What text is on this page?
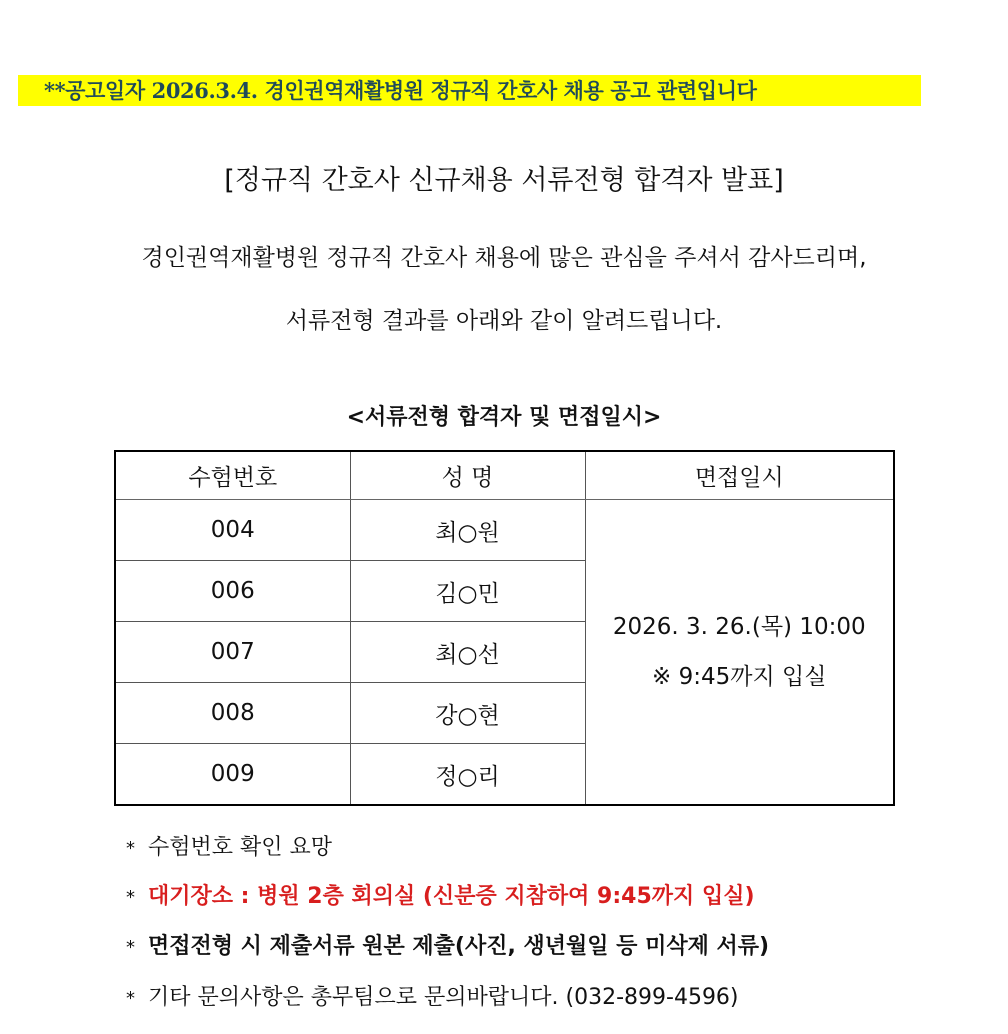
**공고일자 2026.3.4. 경인권역재활병원 정규직 간호사 채용 공고 관련입니다
[정규직 간호사 신규채용 서류전형 합격자 발표]
경인권역재활병원 정규직 간호사 채용에 많은 관심을 주셔서 감사드리며,
서류전형 결과를 아래와 같이 알려드립니다.
<서류전형 합격자 및 면접일시>
수험번호	성 명	면접일시
004	최○원	2026. 3. 26.(목) 10:00
※ 9:45까지 입실

006	김○민	
007	최○선	
008	강○현	
009	정○리	
* 수험번호 확인 요망
* 대기장소 : 병원 2층 회의실 (신분증 지참하여 9:45까지 입실)
* 면접전형 시 제출서류 원본 제출(사진, 생년월일 등 미삭제 서류)
* 기타 문의사항은 총무팀으로 문의바랍니다. (032-899-4596)
